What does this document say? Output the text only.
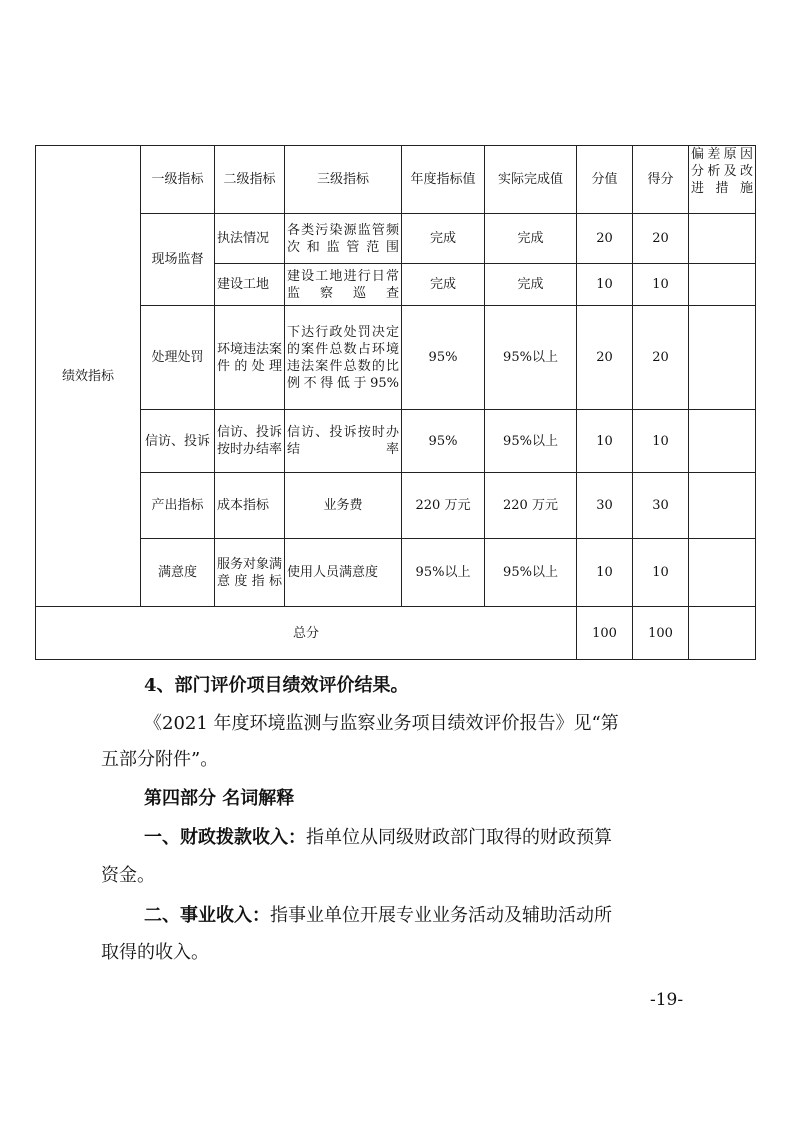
绩效指标	一级指标	二级指标	三级指标	年度指标值	实际完成值	分值	得分	偏差原因分析及改进措施
	现场监督	执法情况	各类污染源监管频次和监管范围	完成	完成	20	20	
		建设工地	建设工地进行日常监察巡查	完成	完成	10	10	
	处理处罚	环境违法案件的处理	下达行政处罚决定的案件总数占环境违法案件总数的比例不得低于95%	95%	95%以上	20	20	
	信访、投诉	信访、投诉按时办结率	信访、投诉按时办结率	95%	95%以上	10	10	
	产出指标	成本指标	业务费	220 万元	220 万元	30	30	
	满意度	服务对象满意度指标	使用人员满意度	95%以上	95%以上	10	10	
总分						100	100	
4、部门评价项目绩效评价结果。
《2021 年度环境监测与监察业务项目绩效评价报告》见“第
五部分附件”。
第四部分 名词解释
一、财政拨款收入：指单位从同级财政部门取得的财政预算
资金。
二、事业收入：指事业单位开展专业业务活动及辅助活动所
取得的收入。
-19-
